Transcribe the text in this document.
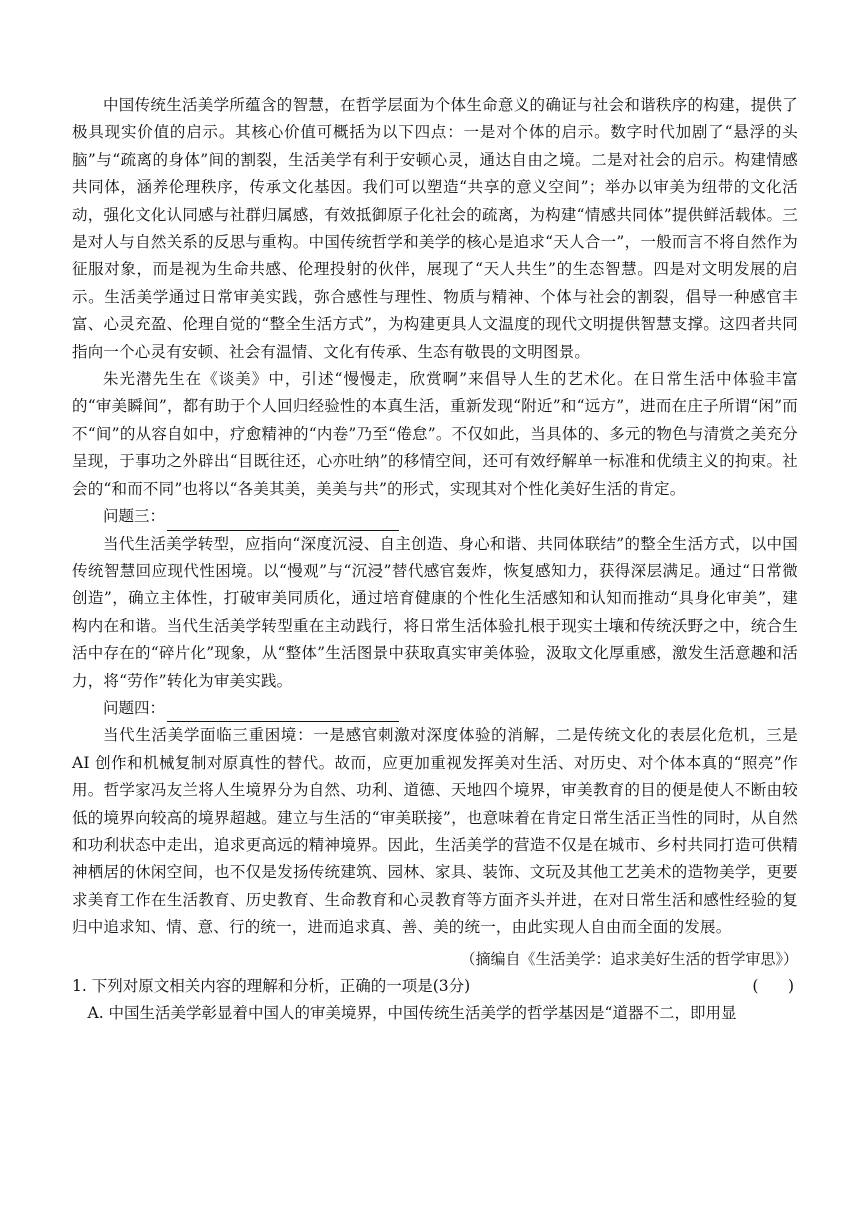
中国传统生活美学所蕴含的智慧，在哲学层面为个体生命意义的确证与社会和谐秩序的构建，提供了极具现实价值的启示。其核心价值可概括为以下四点：一是对个体的启示。数字时代加剧了“悬浮的头脑”与“疏离的身体”间的割裂，生活美学有利于安顿心灵，通达自由之境。二是对社会的启示。构建情感共同体，涵养伦理秩序，传承文化基因。我们可以塑造“共享的意义空间”；举办以审美为纽带的文化活动，强化文化认同感与社群归属感，有效抵御原子化社会的疏离，为构建“情感共同体”提供鲜活载体。三是对人与自然关系的反思与重构。中国传统哲学和美学的核心是追求“天人合一”，一般而言不将自然作为征服对象，而是视为生命共感、伦理投射的伙伴，展现了“天人共生”的生态智慧。四是对文明发展的启示。生活美学通过日常审美实践，弥合感性与理性、物质与精神、个体与社会的割裂，倡导一种感官丰富、心灵充盈、伦理自觉的“整全生活方式”，为构建更具人文温度的现代文明提供智慧支撑。这四者共同指向一个心灵有安顿、社会有温情、文化有传承、生态有敬畏的文明图景。

朱光潜先生在《谈美》中，引述“慢慢走，欣赏啊”来倡导人生的艺术化。在日常生活中体验丰富的“审美瞬间”，都有助于个人回归经验性的本真生活，重新发现“附近”和“远方”，进而在庄子所谓“闲”而不“间”的从容自如中，疗愈精神的“内卷”乃至“倦怠”。不仅如此，当具体的、多元的物色与清赏之美充分呈现，于事功之外辟出“目既往还，心亦吐纳”的移情空间，还可有效纾解单一标准和优绩主义的拘束。社会的“和而不同”也将以“各美其美，美美与共”的形式，实现其对个性化美好生活的肯定。

问题三：

当代生活美学转型，应指向“深度沉浸、自主创造、身心和谐、共同体联结”的整全生活方式，以中国传统智慧回应现代性困境。以“慢观”与“沉浸”替代感官轰炸，恢复感知力，获得深层满足。通过“日常微创造”，确立主体性，打破审美同质化，通过培育健康的个性化生活感知和认知而推动“具身化审美”，建构内在和谐。当代生活美学转型重在主动践行，将日常生活体验扎根于现实土壤和传统沃野之中，统合生活中存在的“碎片化”现象，从“整体”生活图景中获取真实审美体验，汲取文化厚重感，激发生活意趣和活力，将“劳作”转化为审美实践。

问题四：

当代生活美学面临三重困境：一是感官刺激对深度体验的消解，二是传统文化的表层化危机，三是 AI 创作和机械复制对原真性的替代。故而，应更加重视发挥美对生活、对历史、对个体本真的“照亮”作用。哲学家冯友兰将人生境界分为自然、功利、道德、天地四个境界，审美教育的目的便是使人不断由较低的境界向较高的境界超越。建立与生活的“审美联接”，也意味着在肯定日常生活正当性的同时，从自然和功利状态中走出，追求更高远的精神境界。因此，生活美学的营造不仅是在城市、乡村共同打造可供精神栖居的休闲空间，也不仅是发扬传统建筑、园林、家具、装饰、文玩及其他工艺美术的造物美学，更要求美育工作在生活教育、历史教育、生命教育和心灵教育等方面齐头并进，在对日常生活和感性经验的复归中追求知、情、意、行的统一，进而追求真、善、美的统一，由此实现人自由而全面的发展。

（摘编自《生活美学：追求美好生活的哲学审思》）

1. 下列对原文相关内容的理解和分析，正确的一项是(3分)	(      )

A. 中国生活美学彰显着中国人的审美境界，中国传统生活美学的哲学基因是“道器不二，即用显
